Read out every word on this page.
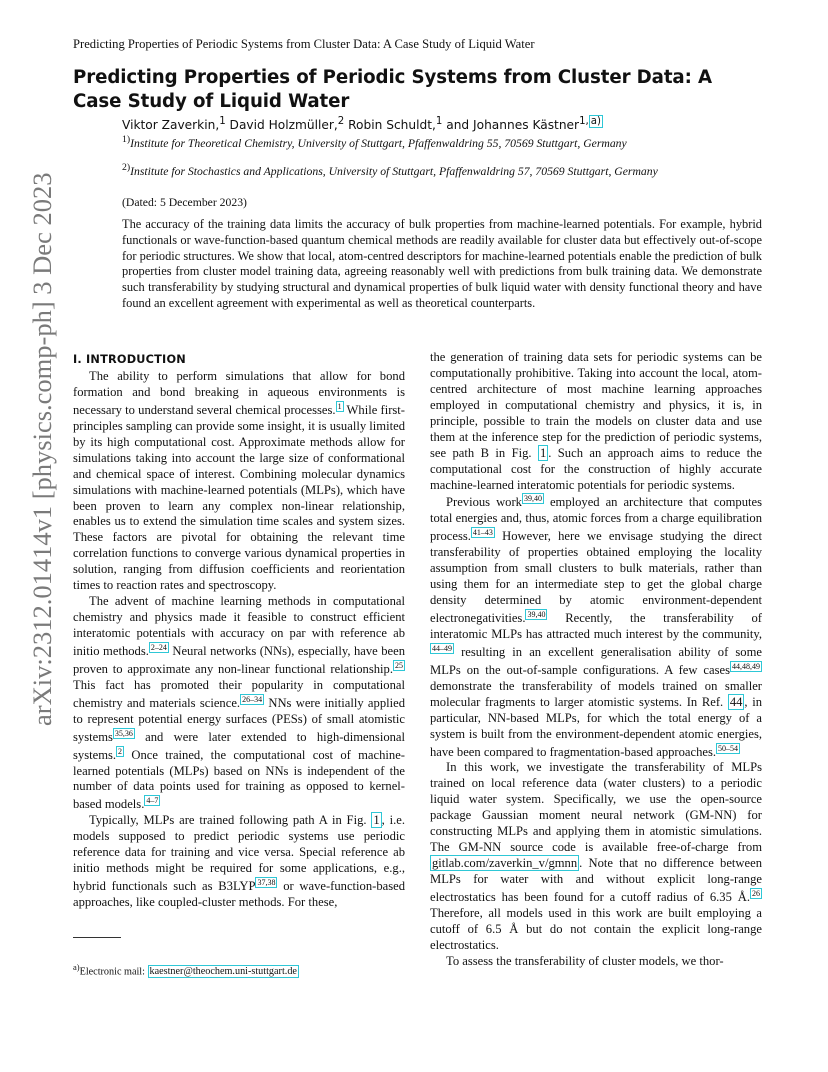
Predicting Properties of Periodic Systems from Cluster Data: A Case Study of Liquid Water
Predicting Properties of Periodic Systems from Cluster Data: A Case Study of Liquid Water
Viktor Zaverkin,$^1$ David Holzmüller,$^2$ Robin Schuldt,$^1$ and Johannes Kästner$^{1, a)}$
$^{1)}$Institute for Theoretical Chemistry, University of Stuttgart, Pfaffenwaldring 55, 70569 Stuttgart, Germany
$^{2)}$Institute for Stochastics and Applications, University of Stuttgart, Pfaffenwaldring 57, 70569 Stuttgart, Germany
(Dated: 5 December 2023)

The accuracy of the training data limits the accuracy of bulk properties from machine-learned potentials. For example, hybrid functionals or wave-function-based quantum chemical methods are readily available for cluster data but effectively out-of-scope for periodic structures. We show that local, atom-centred descriptors for machine-learned potentials enable the prediction of bulk properties from cluster model training data, agreeing reasonably well with predictions from bulk training data. We demonstrate such transferability by studying structural and dynamical properties of bulk liquid water with density functional theory and have found an excellent agreement with experimental as well as theoretical counterparts.

arXiv:2312.01414v1 [physics.comp-ph] 3 Dec 2023 I. INTRODUCTION

The ability to perform simulations that allow for bond formation and bond breaking in aqueous environments is necessary to understand several chemical processes. 1 While first-principles sampling can provide some insight, it is usually limited by its high computational cost. Approximate methods allow for simulations taking into account the large size of conformational and chemical space of interest. Combining molecular dynamics simulations with machine-learned potentials (MLPs), which have been proven to learn any complex non-linear relationship, enables us to extend the simulation time scales and system sizes. These factors are pivotal for obtaining the relevant time correlation functions to converge various dynamical properties in solution, ranging from diffusion coefficients and reorientation times to reaction rates and spectroscopy.

The advent of machine learning methods in computational chemistry and physics made it feasible to construct efficient interatomic potentials with accuracy on par with reference ab initio methods. 2–24 Neural networks (NNs), especially, have been proven to approximate any non-linear functional relationship. 25 This fact has promoted their popularity in computational chemistry and materials science. 26–34 NNs were initially applied to represent potential energy surfaces (PESs) of small atomistic systems 35,36 and were later extended to high-dimensional systems. 2 Once trained, the computational cost of machine-learned potentials (MLPs) based on NNs is independent of the number of data points used for training as opposed to kernel-based models. 4–7

Typically, MLPs are trained following path A in Fig. 1 , i.e. models supposed to predict periodic systems use periodic reference data for training and vice versa. Special reference ab initio methods might be required for some applications, e.g., hybrid functionals such as B3LYP 37,38 or wave-function-based approaches, like coupled-cluster methods. For these,

the generation of training data sets for periodic systems can be computationally prohibitive. Taking into account the local, atom-centred architecture of most machine learning approaches employed in computational chemistry and physics, it is, in principle, possible to train the models on cluster data and use them at the inference step for the prediction of periodic systems, see path B in Fig. 1 . Such an approach aims to reduce the computational cost for the construction of highly accurate machine-learned interatomic potentials for periodic systems.

Previous work 39,40 employed an architecture that computes total energies and, thus, atomic forces from a charge equilibration process. 41–43 However, here we envisage studying the direct transferability of properties obtained employing the locality assumption from small clusters to bulk materials, rather than using them for an intermediate step to get the global charge density determined by atomic environment-dependent electronegativities. 39,40 Recently, the transferability of interatomic MLPs has attracted much interest by the community,44–49 resulting in an excellent generalisation ability of some MLPs on the out-of-sample configurations. A few cases 44,48,49 demonstrate the transferability of models trained on smaller molecular fragments to larger atomistic systems. In Ref. 44 , in particular, NN-based MLPs, for which the total energy of a system is built from the environment-dependent atomic energies, have been compared to fragmentation-based approaches. 50–54

In this work, we investigate the transferability of MLPs trained on local reference data (water clusters) to a periodic liquid water system. Specifically, we use the open-source package Gaussian moment neural network (GM-NN) for constructing MLPs and applying them in atomistic simulations. The GM-NN source code is available free-of-charge from gitlab.com/zaverkin_v/gmnn . Note that no difference between MLPs for water with and without explicit long-range electrostatics has been found for a cutoff radius of 6.35 Å. 26 Therefore, all models used in this work are built employing a cutoff of 6.5 Å but do not contain the explicit long-range electrostatics.

To assess the transferability of cluster models, we thor-

$^{a)}$Electronic mail: kaestner@theochem.uni-stuttgart.de
